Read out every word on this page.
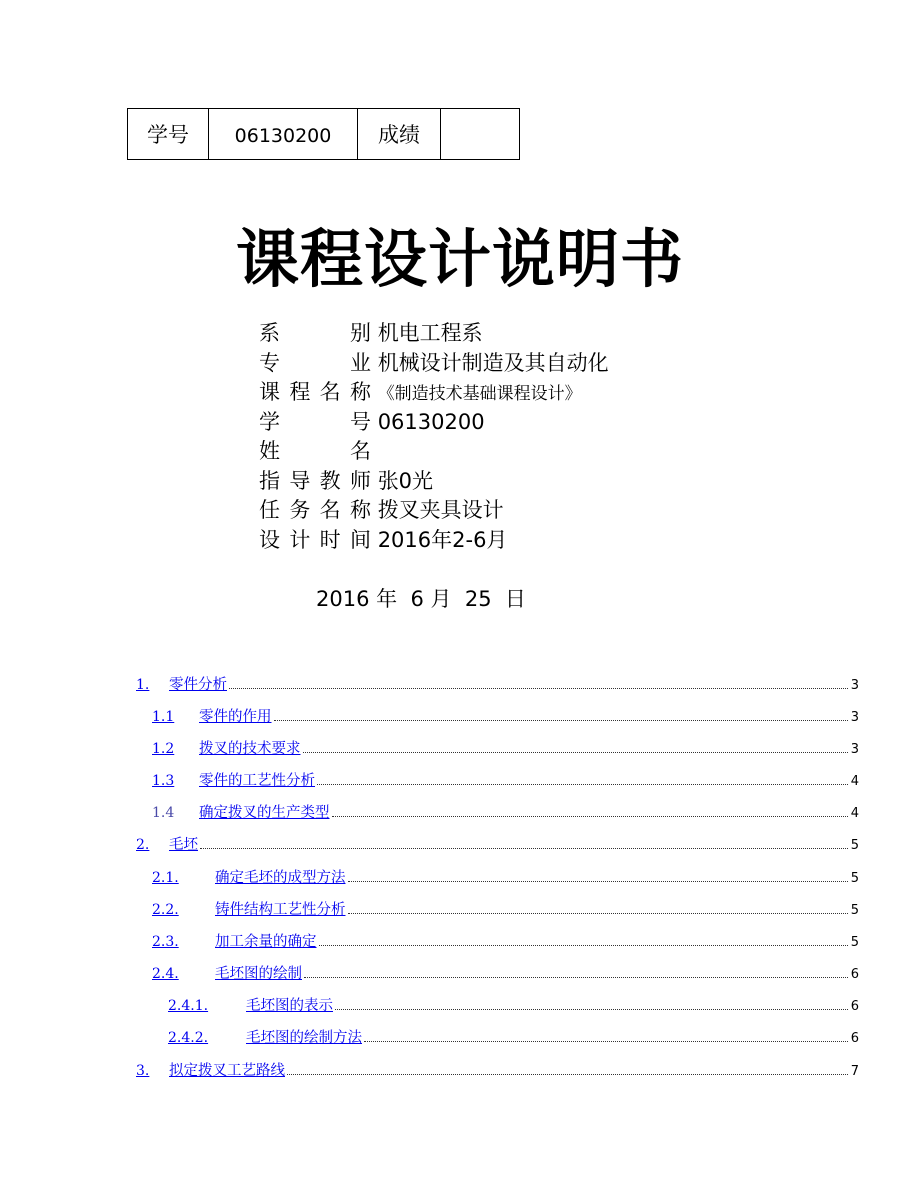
学号	06130200	成绩	
课程设计说明书
系　别 机电工程系
专　业 机械设计制造及其自动化
课程名称 《制造技术基础课程设计》
学　号 06130200
姓　名
指导教师 张0光
任务名称 拨叉夹具设计
设计时间 2016年2-6月
2016 年  6 月  25  日
1.	零件分析	3
1.1	零件的作用	3
1.2	拨叉的技术要求	3
1.3	零件的工艺性分析	4
1.4	确定拨叉的生产类型	4
2.	毛坯	5
2.1.	确定毛坯的成型方法	5
2.2.	铸件结构工艺性分析	5
2.3.	加工余量的确定	5
2.4.	毛坯图的绘制	6
2.4.1.	毛坯图的表示	6
2.4.2.	毛坯图的绘制方法	6
3.	拟定拨叉工艺路线	7
